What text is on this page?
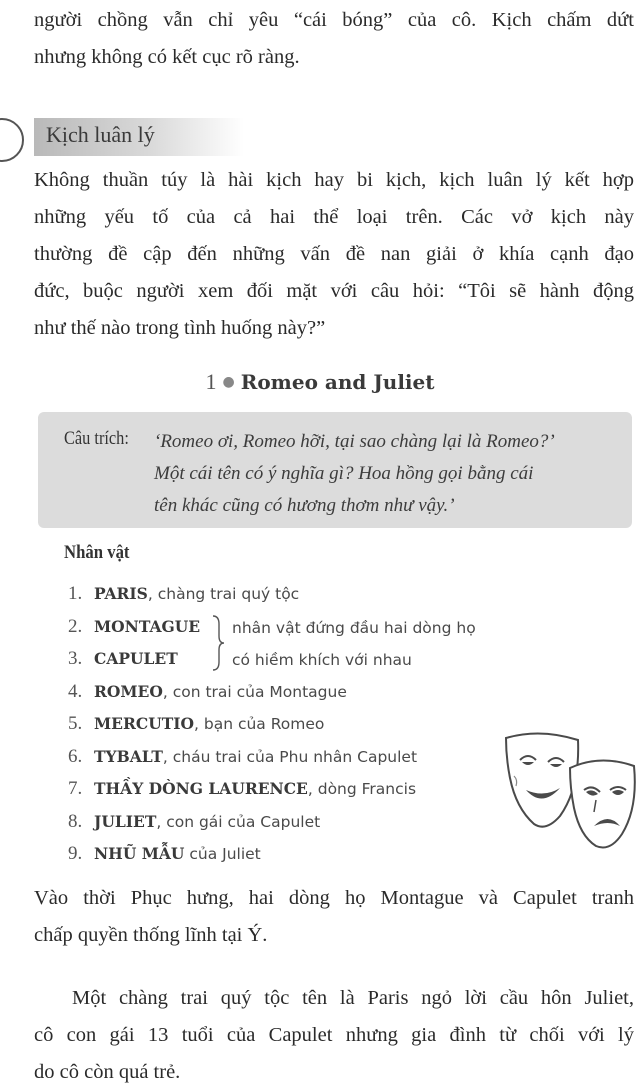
người chồng vẫn chỉ yêu “cái bóng” của cô. Kịch chấm dứt
nhưng không có kết cục rõ ràng.
Kịch luân lý
Không thuần túy là hài kịch hay bi kịch, kịch luân lý kết hợp
những yếu tố của cả hai thể loại trên. Các vở kịch này
thường đề cập đến những vấn đề nan giải ở khía cạnh đạo
đức, buộc người xem đối mặt với câu hỏi: “Tôi sẽ hành động
như thế nào trong tình huống này?”
1 ● Romeo and Juliet
Câu trích: ‘Romeo ơi, Romeo hỡi, tại sao chàng lại là Romeo?’
Một cái tên có ý nghĩa gì? Hoa hồng gọi bằng cái
tên khác cũng có hương thơm như vậy.’
Nhân vật
1. PARIS, chàng trai quý tộc
2. MONTAGUE
3. CAPULET
4. ROMEO, con trai của Montague
5. MERCUTIO, bạn của Romeo
6. TYBALT, cháu trai của Phu nhân Capulet
7. THẦY DÒNG LAURENCE, dòng Francis
8. JULIET, con gái của Capulet
9. NHŨ MẪU của Juliet
nhân vật đứng đầu hai dòng họ
có hiềm khích với nhau
Vào thời Phục hưng, hai dòng họ Montague và Capulet tranh
chấp quyền thống lĩnh tại Ý.
Một chàng trai quý tộc tên là Paris ngỏ lời cầu hôn Juliet,
cô con gái 13 tuổi của Capulet nhưng gia đình từ chối với lý
do cô còn quá trẻ.
